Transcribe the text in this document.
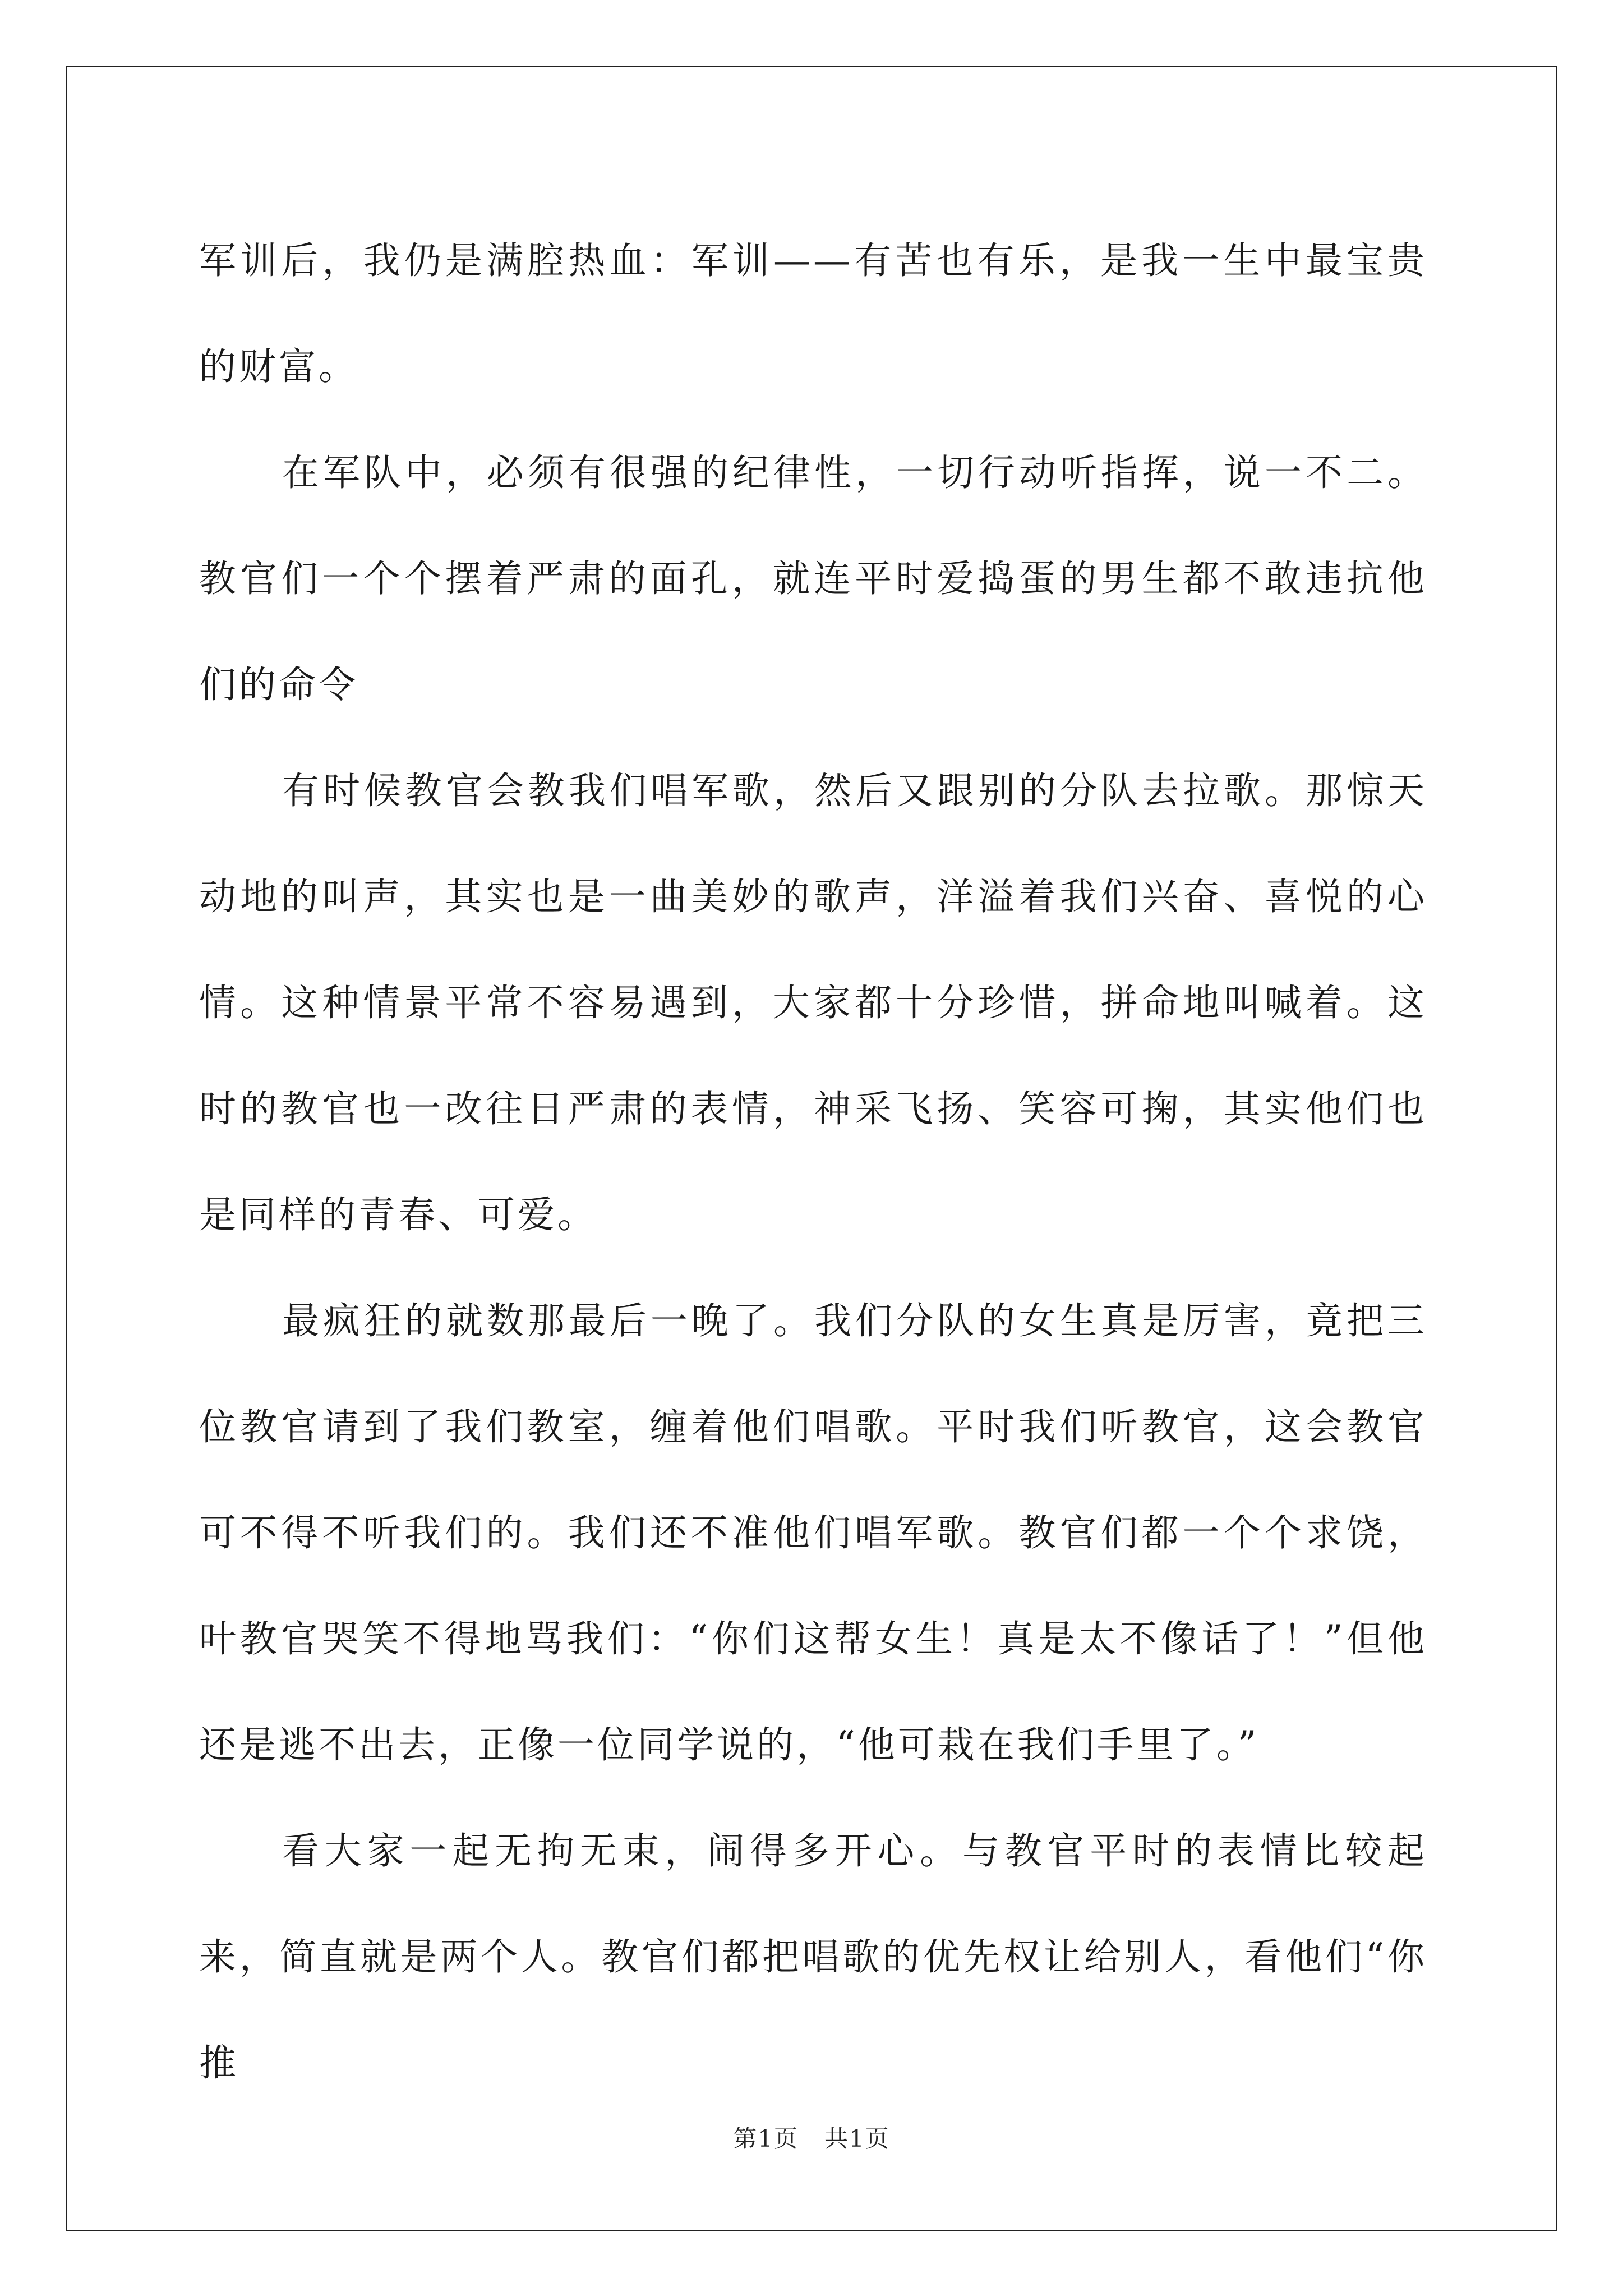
军训后，我仍是满腔热血：军训——有苦也有乐，是我一生中最宝贵的财富。

在军队中，必须有很强的纪律性，一切行动听指挥，说一不二。教官们一个个摆着严肃的面孔，就连平时爱捣蛋的男生都不敢违抗他们的命令

有时候教官会教我们唱军歌，然后又跟别的分队去拉歌。那惊天动地的叫声，其实也是一曲美妙的歌声，洋溢着我们兴奋、喜悦的心情。这种情景平常不容易遇到，大家都十分珍惜，拼命地叫喊着。这时的教官也一改往日严肃的表情，神采飞扬、笑容可掬，其实他们也是同样的青春、可爱。

最疯狂的就数那最后一晚了。我们分队的女生真是厉害，竟把三位教官请到了我们教室，缠着他们唱歌。平时我们听教官，这会教官可不得不听我们的。我们还不准他们唱军歌。教官们都一个个求饶，叶教官哭笑不得地骂我们：“你们这帮女生！真是太不像话了！”但他还是逃不出去，正像一位同学说的，“他可栽在我们手里了。”

看大家一起无拘无束，闹得多开心。与教官平时的表情比较起来，简直就是两个人。教官们都把唱歌的优先权让给别人，看他们“你推

第1页 共1页
